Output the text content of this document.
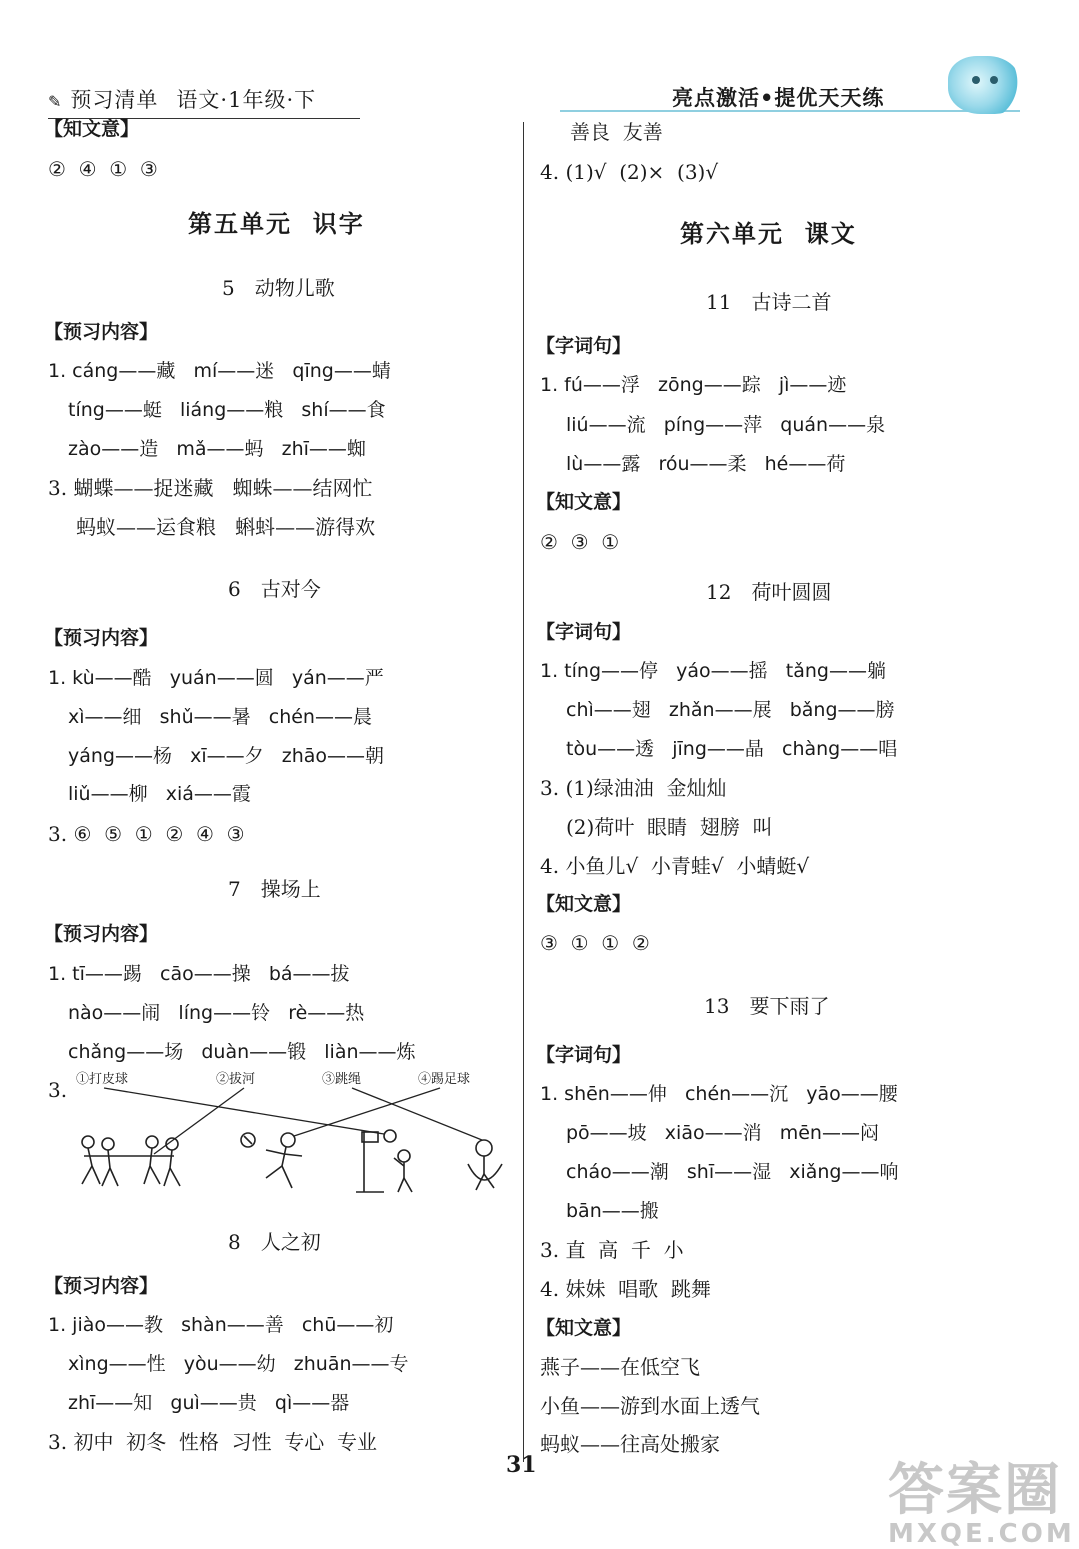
✎ 预习清单 语文·1年级·下	亮点激活•提优天天练
【知文意】
②  ④  ①  ③
第五单元  识字
5 动物儿歌
【预习内容】
1. cáng——藏   mí——迷   qīng——蜻
tíng——蜓   liáng——粮   shí——食
zào——造   mǎ——蚂   zhī——蜘
3. 蝴蝶——捉迷藏   蜘蛛——结网忙
蚂蚁——运食粮   蝌蚪——游得欢
6 古对今
【预习内容】
1. kù——酷   yuán——圆   yán——严
xì——细   shǔ——暑   chén——晨
yáng——杨   xī——夕   zhāo——朝
liǔ——柳   xiá——霞
3. ⑥  ⑤  ①  ②  ④  ③
7 操场上
【预习内容】
1. tī——踢   cāo——操   bá——拔
nào——闹   líng——铃   rè——热
chǎng——场   duàn——锻   liàn——炼
3. ①打皮球	②拔河	③跳绳	④踢足球
8 人之初
【预习内容】
1. jiào——教   shàn——善   chū——初
xìng——性   yòu——幼   zhuān——专
zhī——知   guì——贵   qì——器
3. 初中  初冬  性格  习性  专心  专业
善良  友善
4. (1)√  (2)×  (3)√
第六单元  课文
11 古诗二首
【字词句】
1. fú——浮   zōng——踪   jì——迹
liú——流   píng——萍   quán——泉
lù——露   róu——柔   hé——荷
【知文意】
②  ③  ①
12 荷叶圆圆
【字词句】
1. tíng——停   yáo——摇   tǎng——躺
chì——翅   zhǎn——展   bǎng——膀
tòu——透   jīng——晶   chàng——唱
3. (1)绿油油  金灿灿
(2)荷叶  眼睛  翅膀  叫
4. 小鱼儿√  小青蛙√  小蜻蜓√
【知文意】
③  ①  ①  ②
13 要下雨了
【字词句】
1. shēn——伸   chén——沉   yāo——腰
pō——坡   xiāo——消   mēn——闷
cháo——潮   shī——湿   xiǎng——响
bān——搬
3. 直  高  千  小
4. 妹妹  唱歌  跳舞
【知文意】
燕子——在低空飞
小鱼——游到水面上透气
蚂蚁——往高处搬家
31	答案圈
MXQE.COM
